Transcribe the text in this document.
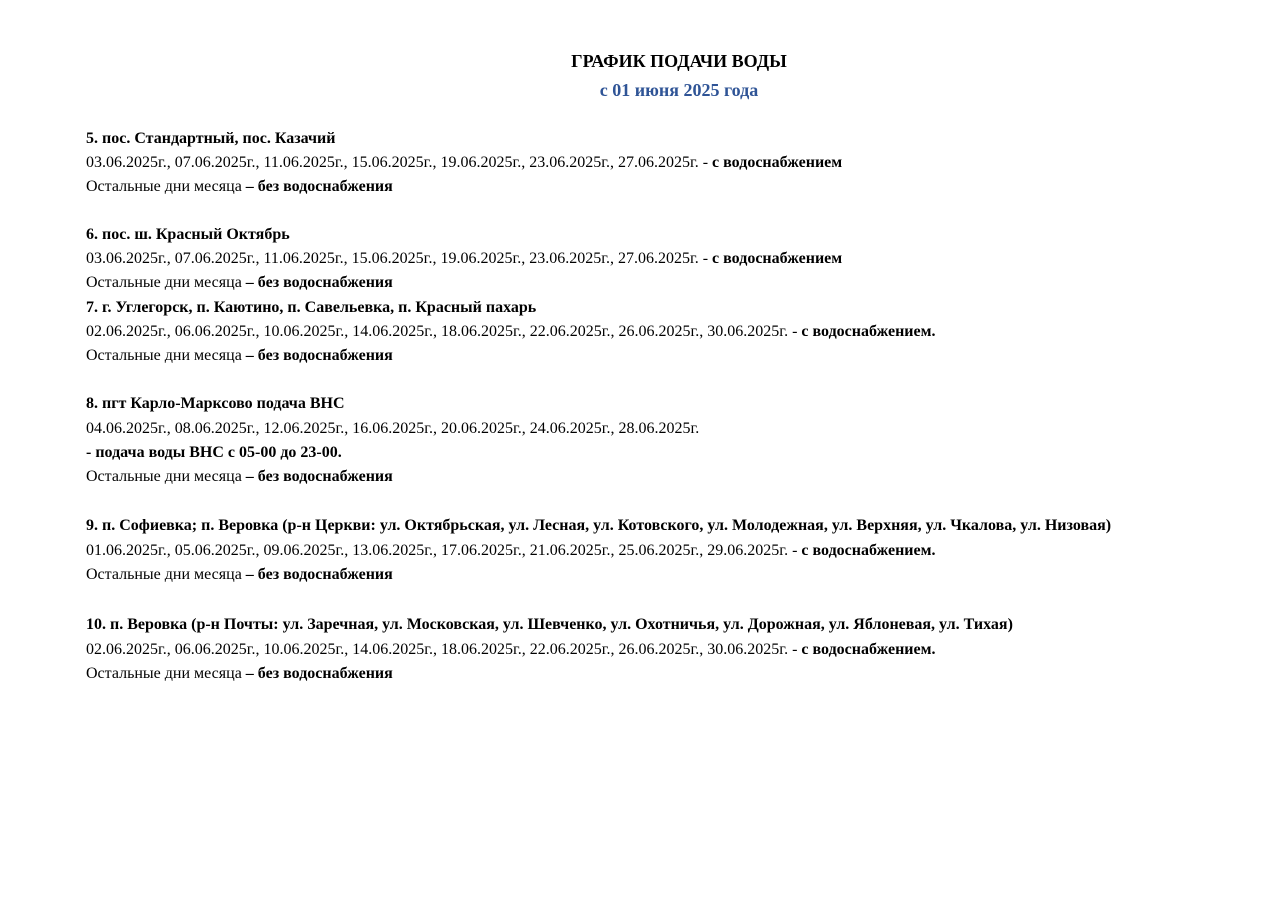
ГРАФИК ПОДАЧИ ВОДЫ
с 01 июня 2025 года
5. пос. Стандартный, пос. Казачий
03.06.2025г., 07.06.2025г., 11.06.2025г., 15.06.2025г., 19.06.2025г., 23.06.2025г., 27.06.2025г. - с водоснабжением
Остальные дни месяца – без водоснабжения
6. пос. ш. Красный Октябрь
03.06.2025г., 07.06.2025г., 11.06.2025г., 15.06.2025г., 19.06.2025г., 23.06.2025г., 27.06.2025г. - с водоснабжением
Остальные дни месяца – без водоснабжения
7. г. Углегорск, п. Каютино, п. Савельевка, п. Красный пахарь
02.06.2025г., 06.06.2025г., 10.06.2025г., 14.06.2025г., 18.06.2025г., 22.06.2025г., 26.06.2025г., 30.06.2025г. - с водоснабжением.
Остальные дни месяца – без водоснабжения
8. пгт Карло-Марксово подача ВНС
04.06.2025г., 08.06.2025г., 12.06.2025г., 16.06.2025г., 20.06.2025г., 24.06.2025г., 28.06.2025г.
- подача воды ВНС с 05-00 до 23-00.
Остальные дни месяца – без водоснабжения
9. п. Софиевка; п. Веровка (р-н Церкви: ул. Октябрьская, ул. Лесная, ул. Котовского, ул. Молодежная, ул. Верхняя, ул. Чкалова, ул. Низовая)
01.06.2025г., 05.06.2025г., 09.06.2025г., 13.06.2025г., 17.06.2025г., 21.06.2025г., 25.06.2025г., 29.06.2025г. - с водоснабжением.
Остальные дни месяца – без водоснабжения
10. п. Веровка (р-н Почты: ул. Заречная, ул. Московская, ул. Шевченко, ул. Охотничья, ул. Дорожная, ул. Яблоневая, ул. Тихая)
02.06.2025г., 06.06.2025г., 10.06.2025г., 14.06.2025г., 18.06.2025г., 22.06.2025г., 26.06.2025г., 30.06.2025г. - с водоснабжением.
Остальные дни месяца – без водоснабжения
